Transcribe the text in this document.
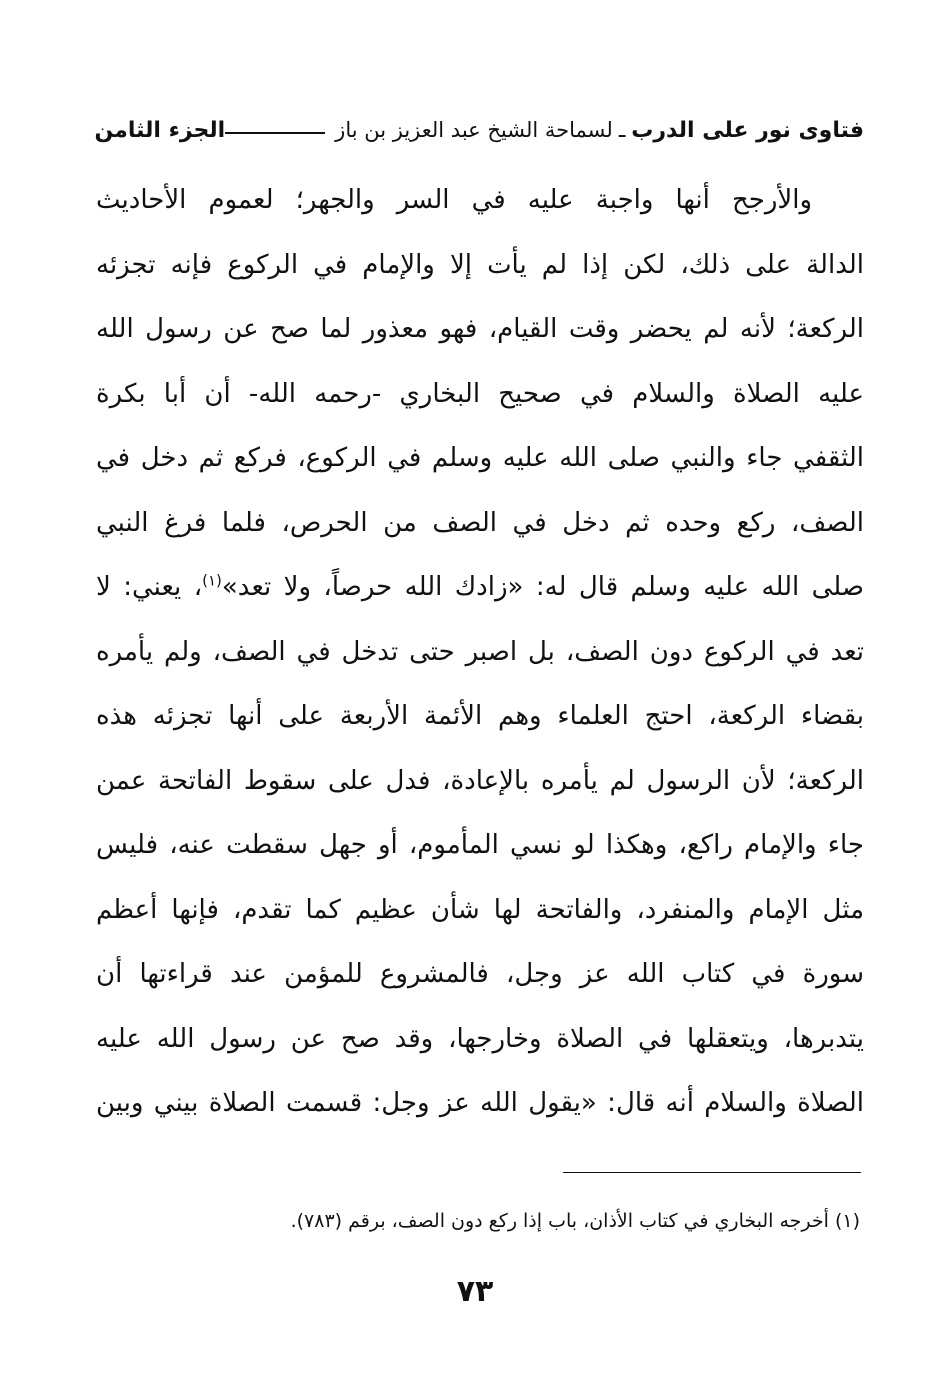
فتاوى نور على الدرب
ـ
لسماحة الشيخ عبد العزيز بن باز
الجزء الثامن
والأرجح أنها واجبة عليه في السر والجهر؛ لعموم الأحاديث
الدالة على ذلك، لكن إذا لم يأت إلا والإمام في الركوع فإنه تجزئه
الركعة؛ لأنه لم يحضر وقت القيام، فهو معذور لما صح عن رسول الله
عليه الصلاة والسلام في صحيح البخاري -رحمه الله- أن أبا بكرة
الثقفي جاء والنبي صلى الله عليه وسلم في الركوع، فركع ثم دخل في
الصف، ركع وحده ثم دخل في الصف من الحرص، فلما فرغ النبي
صلى الله عليه وسلم قال له: «زادك الله حرصاً، ولا تعد»$^{(١)}$، يعني: لا
تعد في الركوع دون الصف، بل اصبر حتى تدخل في الصف، ولم يأمره
بقضاء الركعة، احتج العلماء وهم الأئمة الأربعة على أنها تجزئه هذه
الركعة؛ لأن الرسول لم يأمره بالإعادة، فدل على سقوط الفاتحة عمن
جاء والإمام راكع، وهكذا لو نسي المأموم، أو جهل سقطت عنه، فليس
مثل الإمام والمنفرد، والفاتحة لها شأن عظيم كما تقدم، فإنها أعظم
سورة في كتاب الله عز وجل، فالمشروع للمؤمن عند قراءتها أن
يتدبرها، ويتعقلها في الصلاة وخارجها، وقد صح عن رسول الله عليه
الصلاة والسلام أنه قال: «يقول الله عز وجل: قسمت الصلاة بيني وبين
(١) أخرجه البخاري في كتاب الأذان، باب إذا ركع دون الصف، برقم (٧٨٣).
٧٣
